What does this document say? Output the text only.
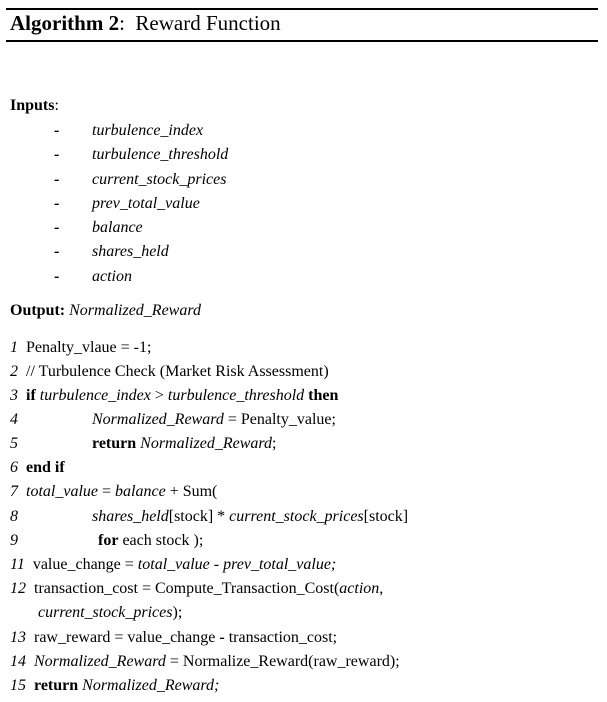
Algorithm 2: Reward Function
Inputs:
- turbulence_index
- turbulence_threshold
- current_stock_prices
- prev_total_value
- balance
- shares_held
- action
Output: Normalized_Reward
1 Penalty_vlaue = -1;
2 // Turbulence Check (Market Risk Assessment)
3 if turbulence_index > turbulence_threshold then
4	Normalized_Reward = Penalty_value;
5	return Normalized_Reward;
6 end if
7 total_value = balance + Sum(
8	shares_held[stock] * current_stock_prices[stock]
9	for each stock );
11 value_change = total_value - prev_total_value;
12 transaction_cost = Compute_Transaction_Cost(action,
current_stock_prices);
13 raw_reward = value_change - transaction_cost;
14 Normalized_Reward = Normalize_Reward(raw_reward);
15 return Normalized_Reward;
